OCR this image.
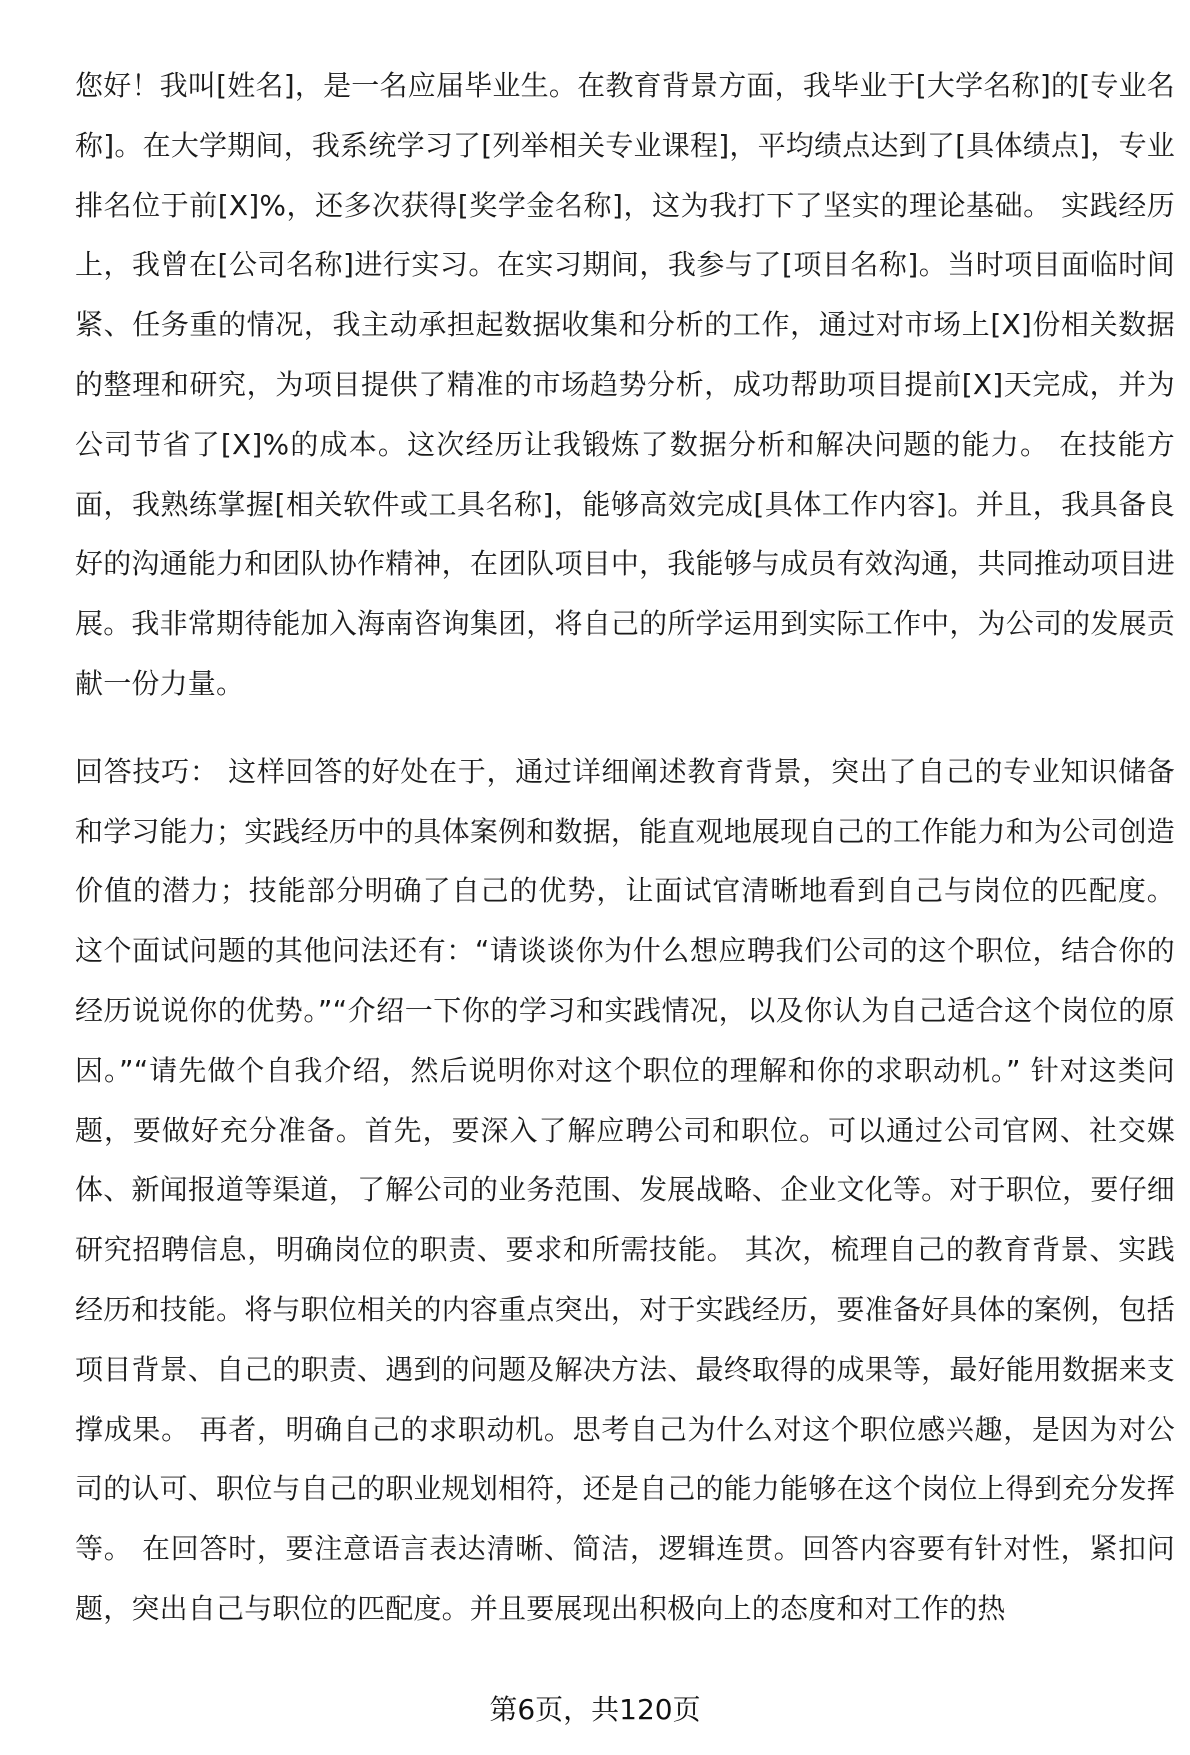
您好！我叫[姓名]，是一名应届毕业生。在教育背景方面，我毕业于[大学名称]的[专业名称]。在大学期间，我系统学习了[列举相关专业课程]，平均绩点达到了[具体绩点]，专业排名位于前[X]%，还多次获得[奖学金名称]，这为我打下了坚实的理论基础。 实践经历上，我曾在[公司名称]进行实习。在实习期间，我参与了[项目名称]。当时项目面临时间紧、任务重的情况，我主动承担起数据收集和分析的工作，通过对市场上[X]份相关数据的整理和研究，为项目提供了精准的市场趋势分析，成功帮助项目提前[X]天完成，并为公司节省了[X]%的成本。这次经历让我锻炼了数据分析和解决问题的能力。 在技能方面，我熟练掌握[相关软件或工具名称]，能够高效完成[具体工作内容]。并且，我具备良好的沟通能力和团队协作精神，在团队项目中，我能够与成员有效沟通，共同推动项目进展。我非常期待能加入海南咨询集团，将自己的所学运用到实际工作中，为公司的发展贡献一份力量。

回答技巧： 这样回答的好处在于，通过详细阐述教育背景，突出了自己的专业知识储备和学习能力；实践经历中的具体案例和数据，能直观地展现自己的工作能力和为公司创造价值的潜力；技能部分明确了自己的优势，让面试官清晰地看到自己与岗位的匹配度。 这个面试问题的其他问法还有：“请谈谈你为什么想应聘我们公司的这个职位，结合你的经历说说你的优势。”“介绍一下你的学习和实践情况，以及你认为自己适合这个岗位的原因。”“请先做个自我介绍，然后说明你对这个职位的理解和你的求职动机。” 针对这类问题，要做好充分准备。首先，要深入了解应聘公司和职位。可以通过公司官网、社交媒体、新闻报道等渠道，了解公司的业务范围、发展战略、企业文化等。对于职位，要仔细研究招聘信息，明确岗位的职责、要求和所需技能。 其次，梳理自己的教育背景、实践经历和技能。将与职位相关的内容重点突出，对于实践经历，要准备好具体的案例，包括项目背景、自己的职责、遇到的问题及解决方法、最终取得的成果等，最好能用数据来支撑成果。 再者，明确自己的求职动机。思考自己为什么对这个职位感兴趣，是因为对公司的认可、职位与自己的职业规划相符，还是自己的能力能够在这个岗位上得到充分发挥等。 在回答时，要注意语言表达清晰、简洁，逻辑连贯。回答内容要有针对性，紧扣问题，突出自己与职位的匹配度。并且要展现出积极向上的态度和对工作的热

第6页，共120页
